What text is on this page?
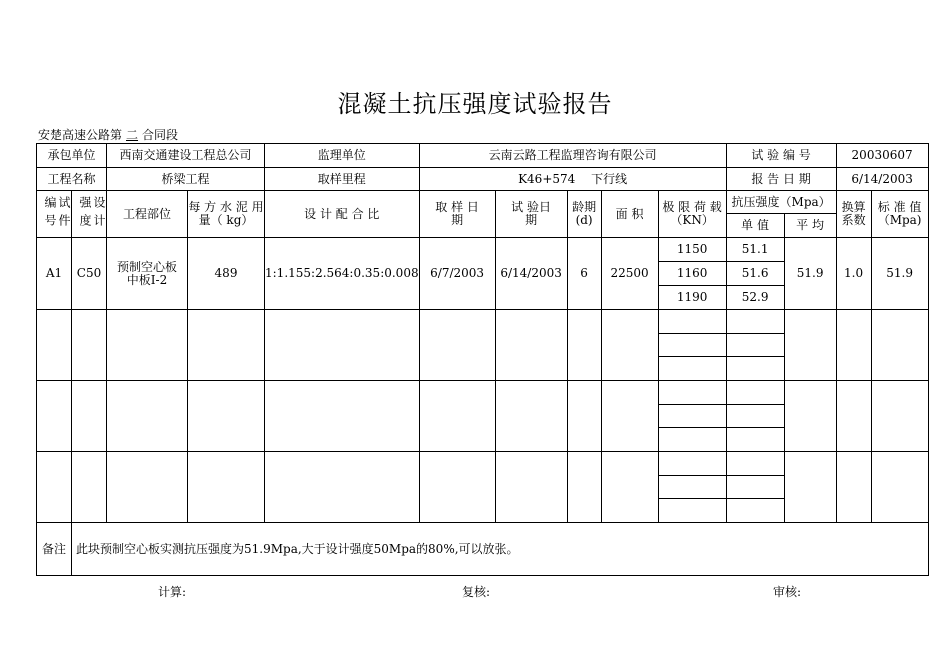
混凝土抗压强度试验报告
安楚高速公路第 二 合同段
承包单位		西南交通建设工程总公司		监理单位	云南云路工程监理咨询有限公司					试 验 编 号		20030607	
工程名称		桥梁工程		取样里程	K46+574　 下行线					报 告 日 期		6/14/2003	

试件编号	设计强度	工程部位	每 方 水 泥 用 量（ kg）	设 计 配 合 比	取 样 日 期	试 验日 期	龄期 (d)	面 积	极 限 荷 载（KN）	抗压强度（Mpa）		换算系数	标 准 值 （Mpa)
										单 值	平 均		
A1	C50	预制空心板中板Ⅰ-2	489	1:1.155:2.564:0.35:0.008	6/7/2003	6/14/2003	6	22500	1150	51.1	51.9	1.0	51.9
									1160	51.6			
									1190	52.9			

备注	此块预制空心板实测抗压强度为51.9Mpa,大于设计强度50Mpa的80%,可以放张。												
计算:	复核:	审核:
